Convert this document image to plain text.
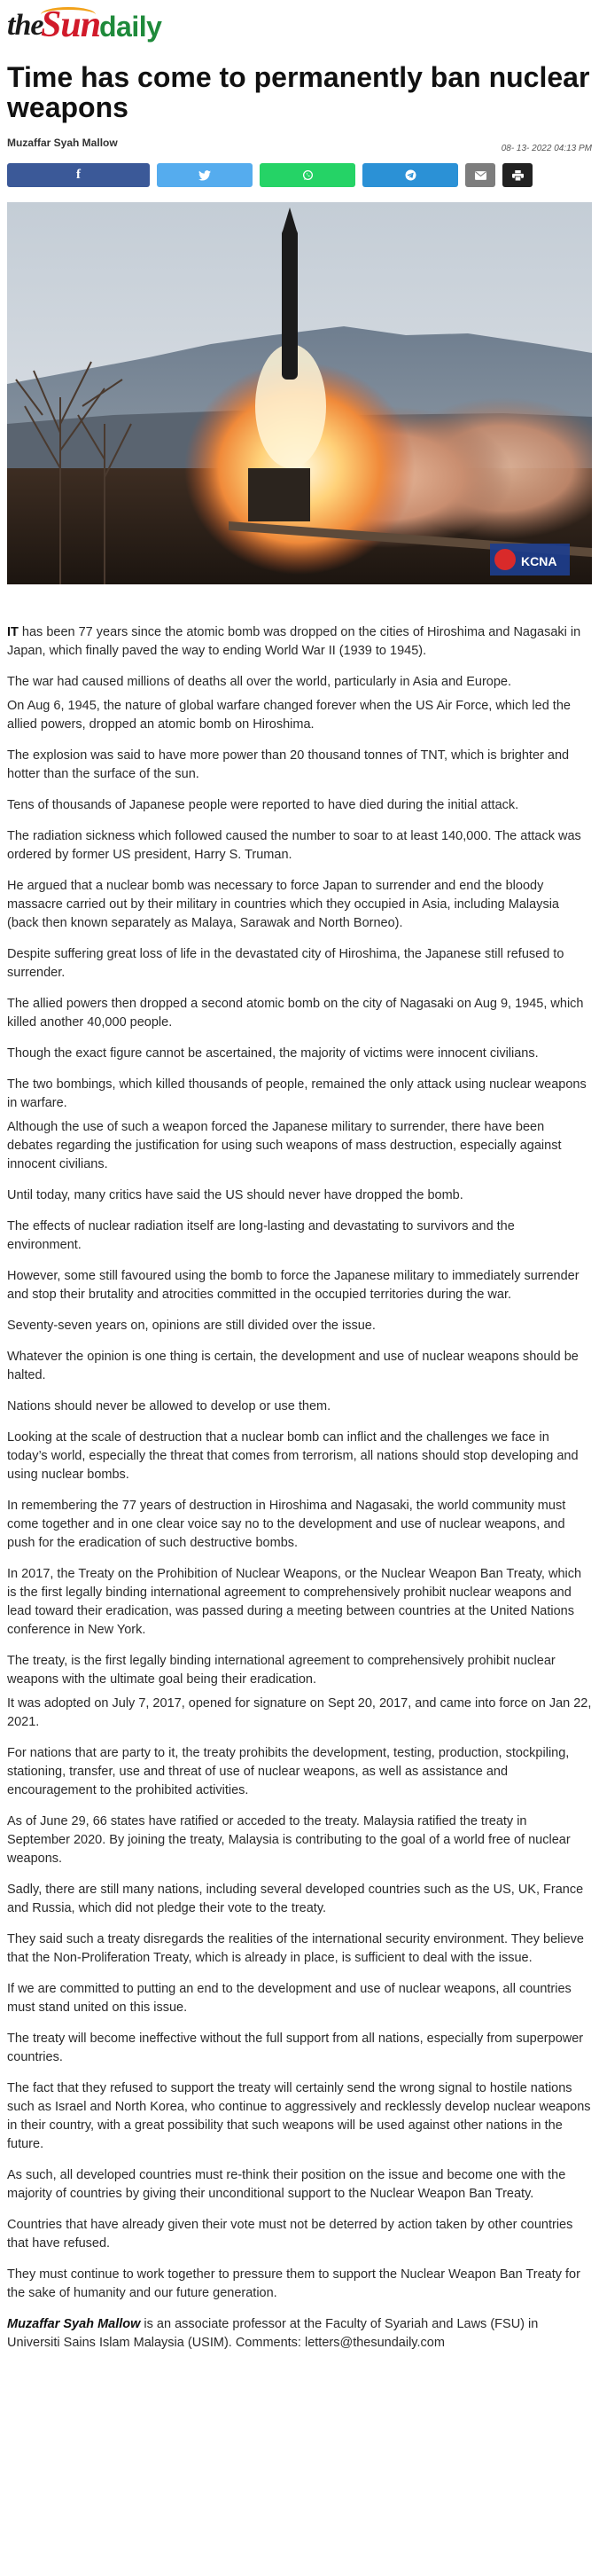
the
Sun
daily
Time has come to permanently ban nuclear weapons
Muzaffar Syah Mallow	08- 13- 2022 04:13 PM
f
KCNA

IT has been 77 years since the atomic bomb was dropped on the cities of Hiroshima and Nagasaki in Japan, which finally paved the way to ending World War II (1939 to 1945).

The war had caused millions of deaths all over the world, particularly in Asia and Europe.

On Aug 6, 1945, the nature of global warfare changed forever when the US Air Force, which led the allied powers, dropped an atomic bomb on Hiroshima.

The explosion was said to have more power than 20 thousand tonnes of TNT, which is brighter and hotter than the surface of the sun.

Tens of thousands of Japanese people were reported to have died during the initial attack.

The radiation sickness which followed caused the number to soar to at least 140,000. The attack was ordered by former US president, Harry S. Truman.

He argued that a nuclear bomb was necessary to force Japan to surrender and end the bloody massacre carried out by their military in countries which they occupied in Asia, including Malaysia (back then known separately as Malaya, Sarawak and North Borneo).

Despite suffering great loss of life in the devastated city of Hiroshima, the Japanese still refused to surrender.

The allied powers then dropped a second atomic bomb on the city of Nagasaki on Aug 9, 1945, which killed another 40,000 people.

Though the exact figure cannot be ascertained, the majority of victims were innocent civilians.

The two bombings, which killed thousands of people, remained the only attack using nuclear weapons in warfare.

Although the use of such a weapon forced the Japanese military to surrender, there have been debates regarding the justification for using such weapons of mass destruction, especially against innocent civilians.

Until today, many critics have said the US should never have dropped the bomb.

The effects of nuclear radiation itself are long-lasting and devastating to survivors and the environment.

However, some still favoured using the bomb to force the Japanese military to immediately surrender and stop their brutality and atrocities committed in the occupied territories during the war.

Seventy-seven years on, opinions are still divided over the issue.

Whatever the opinion is one thing is certain, the development and use of nuclear weapons should be halted.

Nations should never be allowed to develop or use them.

Looking at the scale of destruction that a nuclear bomb can inflict and the challenges we face in today’s world, especially the threat that comes from terrorism, all nations should stop developing and using nuclear bombs.

In remembering the 77 years of destruction in Hiroshima and Nagasaki, the world community must come together and in one clear voice say no to the development and use of nuclear weapons, and push for the eradication of such destructive bombs.

In 2017, the Treaty on the Prohibition of Nuclear Weapons, or the Nuclear Weapon Ban Treaty, which is the first legally binding international agreement to comprehensively prohibit nuclear weapons and lead toward their eradication, was passed during a meeting between countries at the United Nations conference in New York.

The treaty, is the first legally binding international agreement to comprehensively prohibit nuclear weapons with the ultimate goal being their eradication.

It was adopted on July 7, 2017, opened for signature on Sept 20, 2017, and came into force on Jan 22, 2021.

For nations that are party to it, the treaty prohibits the development, testing, production, stockpiling, stationing, transfer, use and threat of use of nuclear weapons, as well as assistance and encouragement to the prohibited activities.

As of June 29, 66 states have ratified or acceded to the treaty. Malaysia ratified the treaty in September 2020. By joining the treaty, Malaysia is contributing to the goal of a world free of nuclear weapons.

Sadly, there are still many nations, including several developed countries such as the US, UK, France and Russia, which did not pledge their vote to the treaty.

They said such a treaty disregards the realities of the international security environment. They believe that the Non-Proliferation Treaty, which is already in place, is sufficient to deal with the issue.

If we are committed to putting an end to the development and use of nuclear weapons, all countries must stand united on this issue.

The treaty will become ineffective without the full support from all nations, especially from superpower countries.

The fact that they refused to support the treaty will certainly send the wrong signal to hostile nations such as Israel and North Korea, who continue to aggressively and recklessly develop nuclear weapons in their country, with a great possibility that such weapons will be used against other nations in the future.

As such, all developed countries must re-think their position on the issue and become one with the majority of countries by giving their unconditional support to the Nuclear Weapon Ban Treaty.

Countries that have already given their vote must not be deterred by action taken by other countries that have refused.

They must continue to work together to pressure them to support the Nuclear Weapon Ban Treaty for the sake of humanity and our future generation.

Muzaffar Syah Mallow is an associate professor at the Faculty of Syariah and Laws (FSU) in Universiti Sains Islam Malaysia (USIM). Comments: letters@thesundaily.com
